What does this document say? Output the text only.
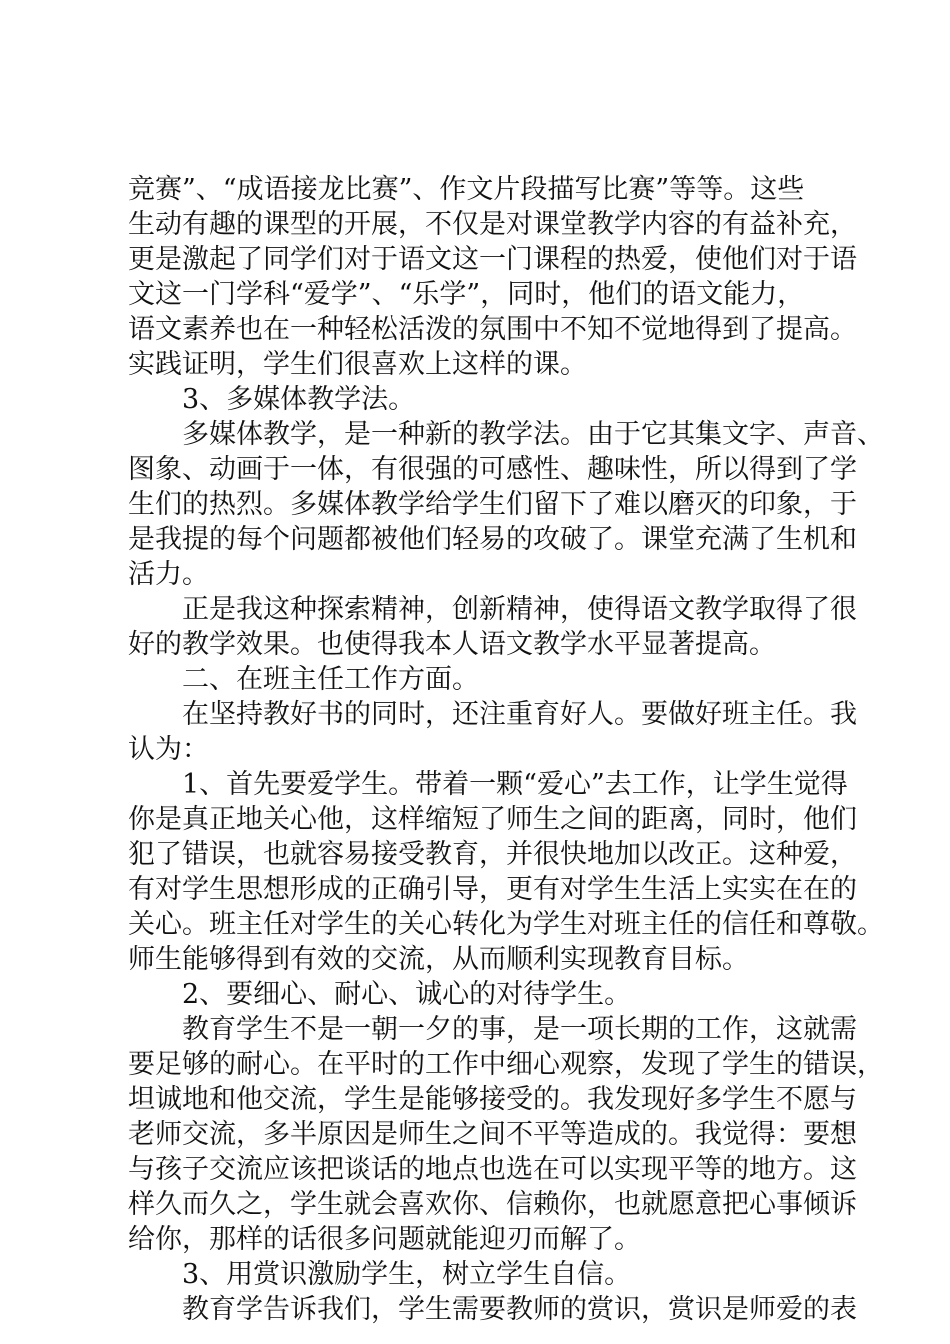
竞赛”、“成语接龙比赛”、作文片段描写比赛”等等。这些
生动有趣的课型的开展，不仅是对课堂教学内容的有益补充，
更是激起了同学们对于语文这一门课程的热爱，使他们对于语
文这一门学科“爱学”、“乐学”，同时，他们的语文能力，
语文素养也在一种轻松活泼的氛围中不知不觉地得到了提高。
实践证明，学生们很喜欢上这样的课。
3、多媒体教学法。
多媒体教学，是一种新的教学法。由于它其集文字、声音、
图象、动画于一体，有很强的可感性、趣味性，所以得到了学
生们的热烈。多媒体教学给学生们留下了难以磨灭的印象，于
是我提的每个问题都被他们轻易的攻破了。课堂充满了生机和
活力。
正是我这种探索精神，创新精神，使得语文教学取得了很
好的教学效果。也使得我本人语文教学水平显著提高。
二、在班主任工作方面。
在坚持教好书的同时，还注重育好人。要做好班主任。我
认为：
1、首先要爱学生。带着一颗“爱心”去工作，让学生觉得
你是真正地关心他，这样缩短了师生之间的距离，同时，他们
犯了错误，也就容易接受教育，并很快地加以改正。这种爱，
有对学生思想形成的正确引导，更有对学生生活上实实在在的
关心。班主任对学生的关心转化为学生对班主任的信任和尊敬。
师生能够得到有效的交流，从而顺利实现教育目标。
2、要细心、耐心、诚心的对待学生。
教育学生不是一朝一夕的事，是一项长期的工作，这就需
要足够的耐心。在平时的工作中细心观察，发现了学生的错误，
坦诚地和他交流，学生是能够接受的。我发现好多学生不愿与
老师交流，多半原因是师生之间不平等造成的。我觉得：要想
与孩子交流应该把谈话的地点也选在可以实现平等的地方。这
样久而久之，学生就会喜欢你、信赖你，也就愿意把心事倾诉
给你，那样的话很多问题就能迎刃而解了。
3、用赏识激励学生，树立学生自信。
教育学告诉我们，学生需要教师的赏识，赏识是师爱的表
